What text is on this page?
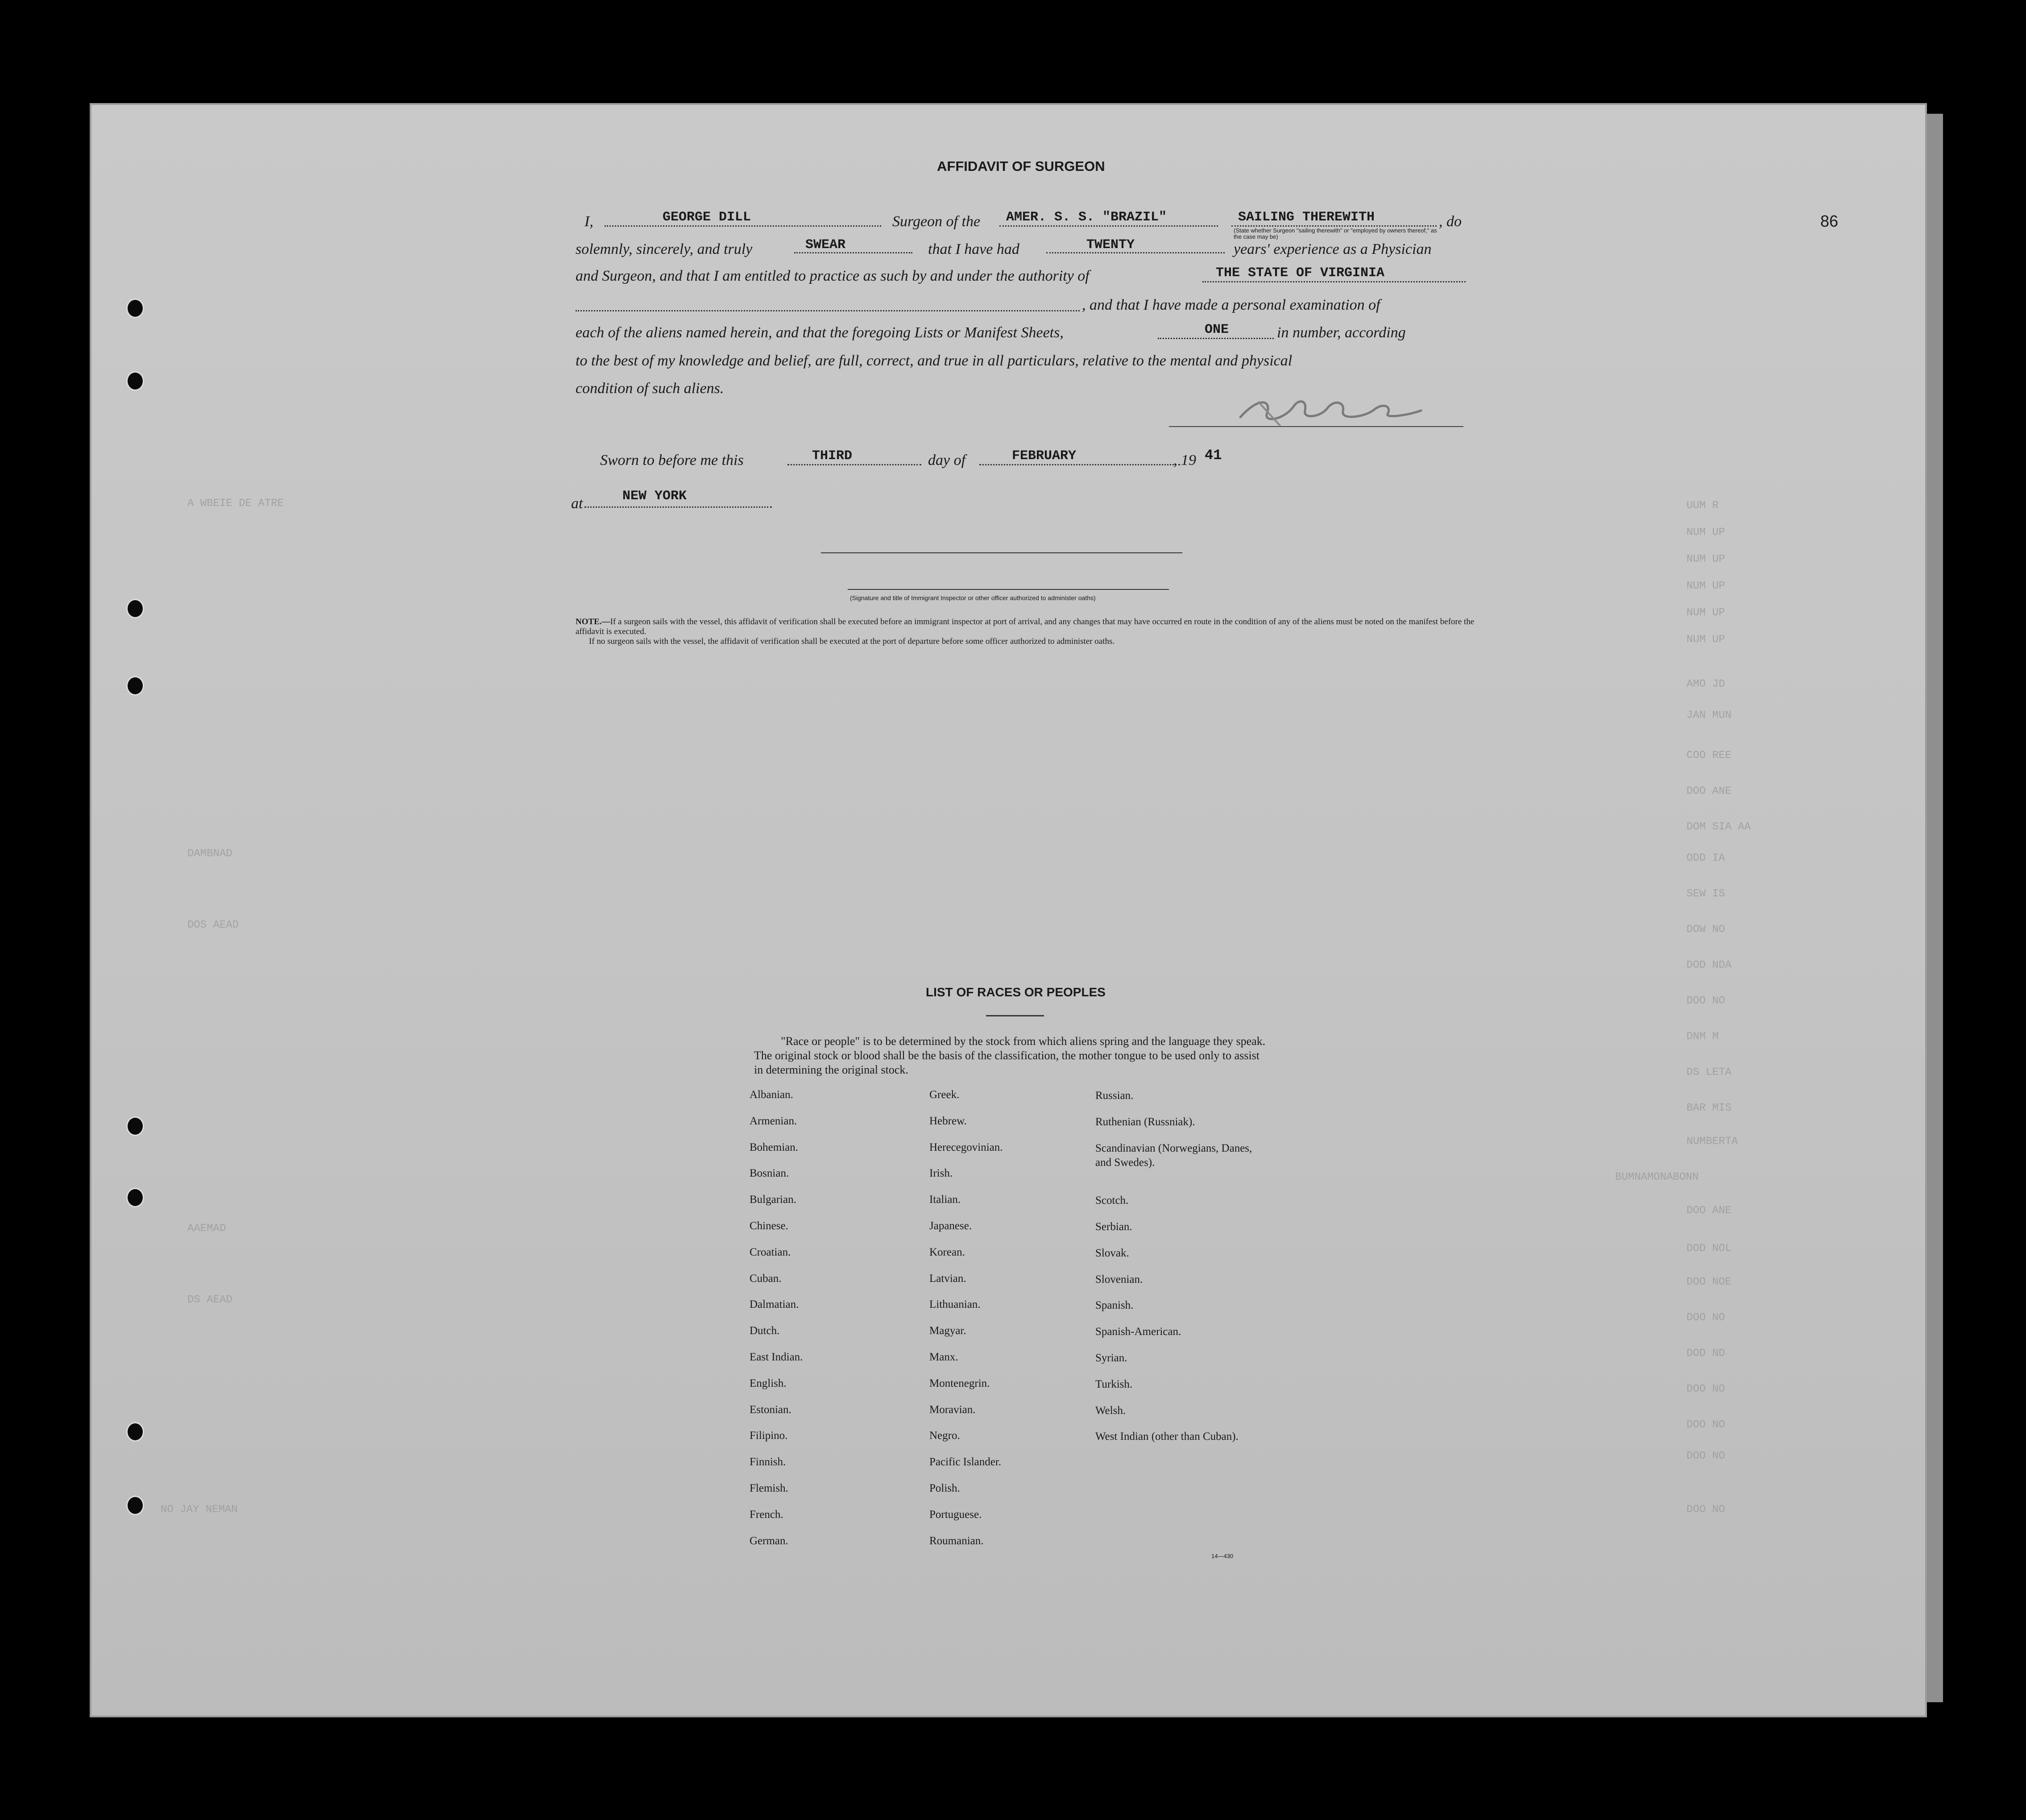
A WBEIE DE ATRE	UUM R
NUM UP
NUM UP
NUM UP
NUM UP
NUM UP
AMO JD
JAN MUN
COO REE
DOO ANE
DOM SIA AA
ODD IA
SEW IS
DOW NO
DOD NDA
DOO NO
DNM M
DS LETA
BAR MIS
NUMBERTA
BUMNAMONABONN
DOO ANE
DOD NOL
DOO NOE
DOO NO
DOD ND
DOO NO
DOO NO
DOO NO
DOO NO
DAMBNAD
DOS AEAD
AAEMAD
DS AEAD
NO JAY NEMAN
86
AFFIDAVIT OF SURGEON
I,	GEORGE DILL	Surgeon of the AMER. S. S. "BRAZIL"	SAILING THEREWITH	, do
(State whether Surgeon "sailing therewith" or "employed by owners thereof," as the case may be)
solemnly, sincerely, and truly	SWEAR	that I have had	TWENTY	years' experience as a Physician
and Surgeon, and that I am entitled to practice as such by and under the authority of	THE STATE OF VIRGINIA
, and that I have made a personal examination of
each of the aliens named herein, and that the foregoing Lists or Manifest Sheets,	ONE	in number, according
to the best of my knowledge and belief, are full, correct, and true in all particulars, relative to the mental and physical
condition of such aliens.
Sworn to before me this	THIRD	day of	FEBRUARY	, 19 41
at	NEW YORK
(Signature and title of Immigrant Inspector or other officer authorized to administer oaths)
NOTE.—If a surgeon sails with the vessel, this affidavit of verification shall be executed before an immigrant inspector at port of arrival, and any changes that may have occurred en route in the condition of any of the aliens must be noted on the manifest before the affidavit is executed.
If no surgeon sails with the vessel, the affidavit of verification shall be executed at the port of departure before some officer authorized to administer oaths.
LIST OF RACES OR PEOPLES
"Race or people" is to be determined by the stock from which aliens spring and the language they speak. The original stock or blood shall be the basis of the classification, the mother tongue to be used only to assist in determining the original stock.
Albanian.
Armenian.
Bohemian.
Bosnian.
Bulgarian.
Chinese.
Croatian.
Cuban.
Dalmatian.
Dutch.
East Indian.
English.
Estonian.
Filipino.
Finnish.
Flemish.
French.
German.
Greek.
Hebrew.
Herecegovinian.
Irish.
Italian.
Japanese.
Korean.
Latvian.
Lithuanian.
Magyar.
Manx.
Montenegrin.
Moravian.
Negro.
Pacific Islander.
Polish.
Portuguese.
Roumanian.
Russian.
Ruthenian (Russniak).
Scandinavian (Norwegians, Danes, and Swedes).
Scotch.
Serbian.
Slovak.
Slovenian.
Spanish.
Spanish-American.
Syrian.
Turkish.
Welsh.
West Indian (other than Cuban).
14—430
